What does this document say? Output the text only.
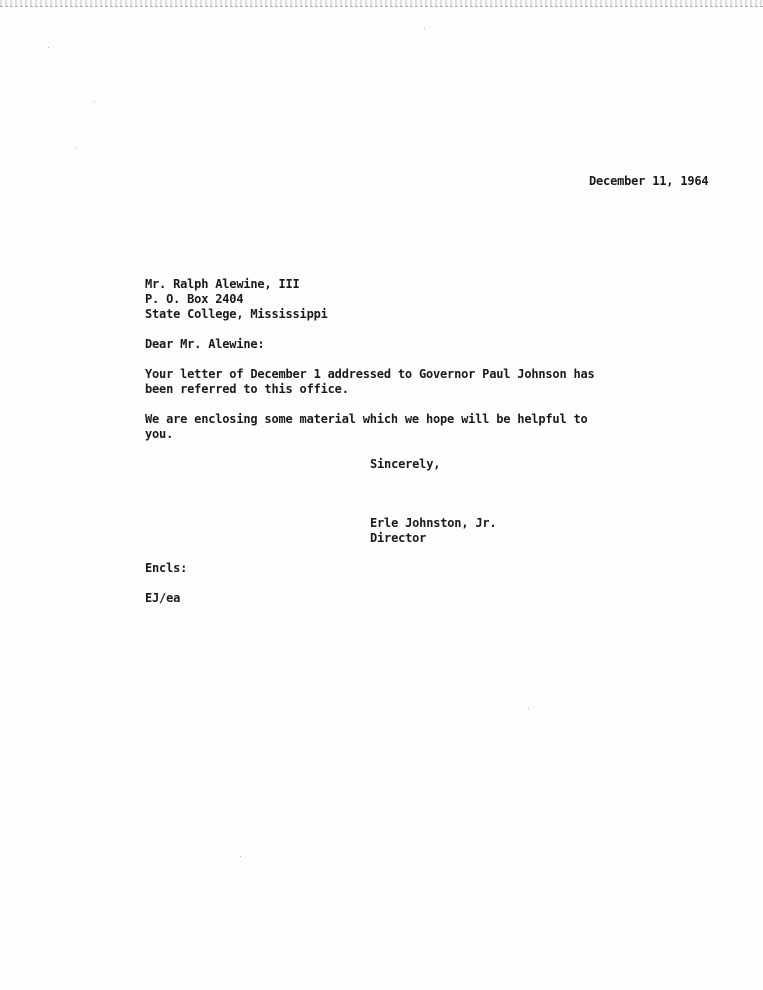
December 11, 1964
Mr. Ralph Alewine, III
P. O. Box 2404
State College, Mississippi
Dear Mr. Alewine:
Your letter of December 1 addressed to Governor Paul Johnson has
been referred to this office.
We are enclosing some material which we hope will be helpful to
you.
Sincerely,
Erle Johnston, Jr.
Director
Encls:
EJ/ea
